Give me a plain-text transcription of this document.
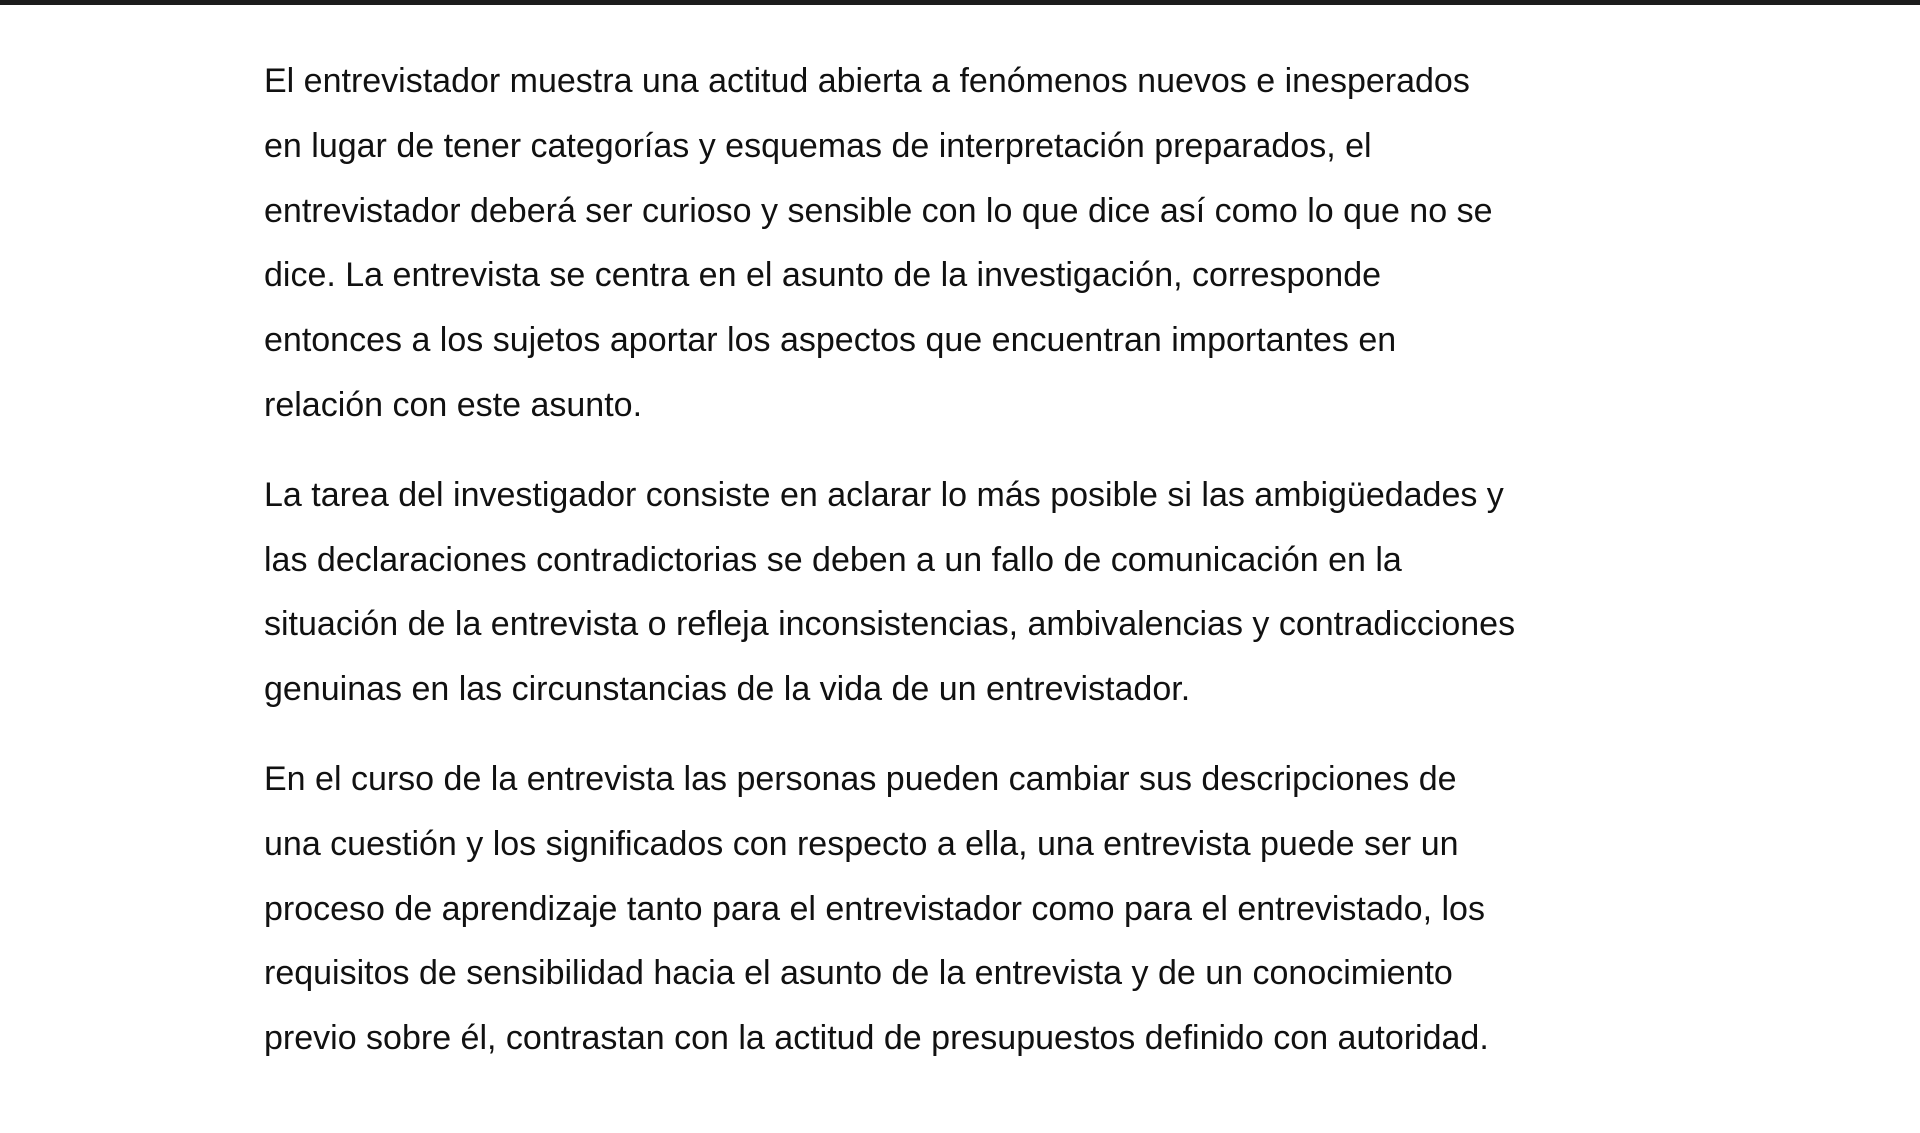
El entrevistador muestra una actitud abierta a fenómenos nuevos e inesperados
en lugar de tener categorías y esquemas de interpretación preparados, el
entrevistador deberá ser curioso y sensible con lo que dice así como lo que no se
dice. La entrevista se centra en el asunto de la investigación, corresponde
entonces a los sujetos aportar los aspectos que encuentran importantes en
relación con este asunto.

La tarea del investigador consiste en aclarar lo más posible si las ambigüedades y
las declaraciones contradictorias se deben a un fallo de comunicación en la
situación de la entrevista o refleja inconsistencias, ambivalencias y contradicciones
genuinas en las circunstancias de la vida de un entrevistador.

En el curso de la entrevista las personas pueden cambiar sus descripciones de
una cuestión y los significados con respecto a ella, una entrevista puede ser un
proceso de aprendizaje tanto para el entrevistador como para el entrevistado, los
requisitos de sensibilidad hacia el asunto de la entrevista y de un conocimiento
previo sobre él, contrastan con la actitud de presupuestos definido con autoridad.
